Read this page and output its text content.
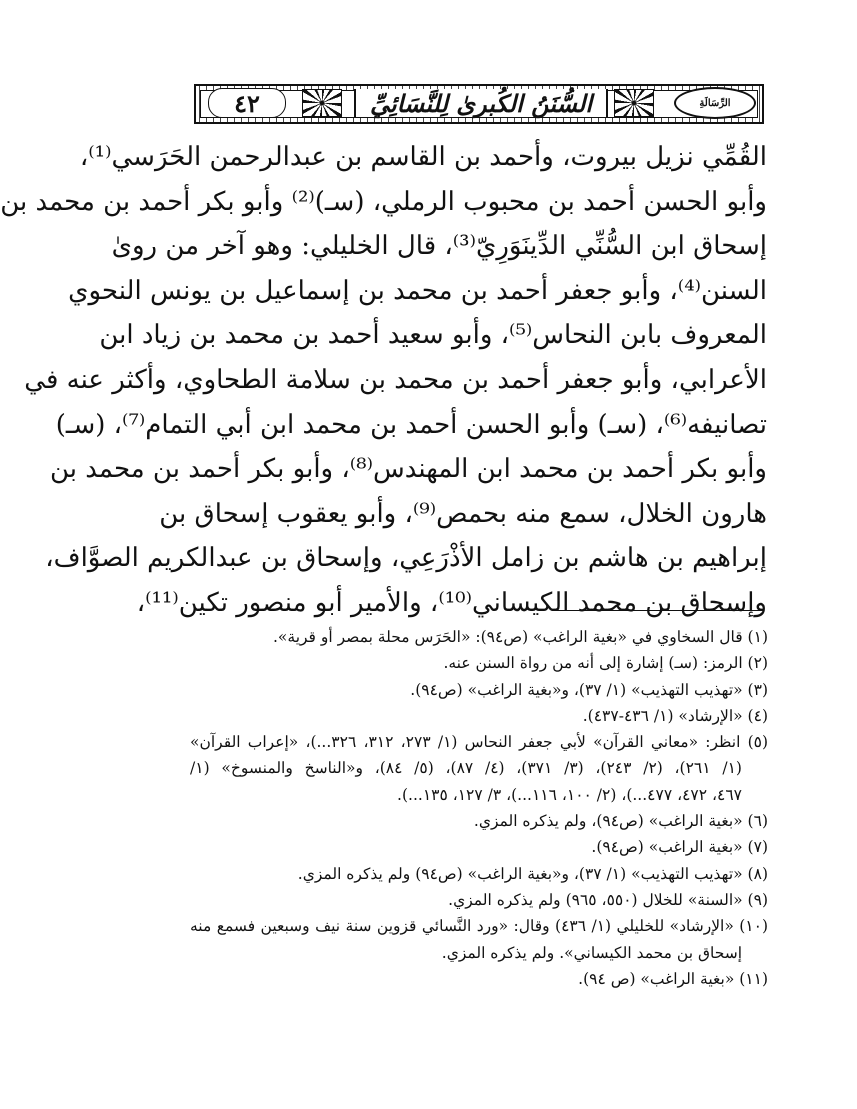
٤٢	السُّنَنُ الكُبرىٰ لِلنَّسَائِيِّ	الرِّسَالَةِ
القُمِّي نزيل بيروت، وأحمد بن القاسم بن عبدالرحمن الحَرَسي⁽¹⁾،
وأبو الحسن أحمد بن محبوب الرملي، (سـ)⁽²⁾ وأبو بكر أحمد بن محمد بن
إسحاق ابن السُّنِّي الدِّينَوَرِيّ⁽³⁾، قال الخليلي: وهو آخر من روىٰ
السنن⁽⁴⁾، وأبو جعفر أحمد بن محمد بن إسماعيل بن يونس النحوي
المعروف بابن النحاس⁽⁵⁾، وأبو سعيد أحمد بن محمد بن زياد ابن
الأعرابي، وأبو جعفر أحمد بن محمد بن سلامة الطحاوي، وأكثر عنه في
تصانيفه⁽⁶⁾، (سـ) وأبو الحسن أحمد بن محمد ابن أبي التمام⁽⁷⁾، (سـ)
وأبو بكر أحمد بن محمد ابن المهندس⁽⁸⁾، وأبو بكر أحمد بن محمد بن
هارون الخلال، سمع منه بحمص⁽⁹⁾، وأبو يعقوب إسحاق بن
إبراهيم بن هاشم بن زامل الأذْرَعِي، وإسحاق بن عبدالكريم الصوَّاف،
وإسحاق بن محمد الكيساني⁽¹⁰⁾، والأمير أبو منصور تكين⁽¹¹⁾،
(١) قال السخاوي في «بغية الراغب» (ص٩٤): «الحَرَس محلة بمصر أو قرية».
(٢) الرمز: (سـ) إشارة إلى أنه من رواة السنن عنه.
(٣) «تهذيب التهذيب» (١/ ٣٧)، و«بغية الراغب» (ص٩٤).
(٤) «الإرشاد» (١/ ٤٣٦-٤٣٧).
(٥) انظر: «معاني القرآن» لأبي جعفر النحاس (١/ ٢٧٣، ٣١٢، ٣٢٦...)، «إعراب القرآن»
(١/ ٢٦١)، (٢/ ٢٤٣)، (٣/ ٣٧١)، (٤/ ٨٧)، (٥/ ٨٤)، و«الناسخ والمنسوخ» (١/
٤٦٧، ٤٧٢، ٤٧٧...)، (٢/ ١٠٠، ١١٦...)، ٣/ ١٢٧، ١٣٥...).
(٦) «بغية الراغب» (ص٩٤)، ولم يذكره المزي.
(٧) «بغية الراغب» (ص٩٤).
(٨) «تهذيب التهذيب» (١/ ٣٧)، و«بغية الراغب» (ص٩٤) ولم يذكره المزي.
(٩) «السنة» للخلال (٥٥٠، ٩٦٥) ولم يذكره المزي.
(١٠) «الإرشاد» للخليلي (١/ ٤٣٦) وقال: «ورد النَّسائي قزوين سنة نيف وسبعين فسمع منه
إسحاق بن محمد الكيساني». ولم يذكره المزي.
(١١) «بغية الراغب» (ص ٩٤).
